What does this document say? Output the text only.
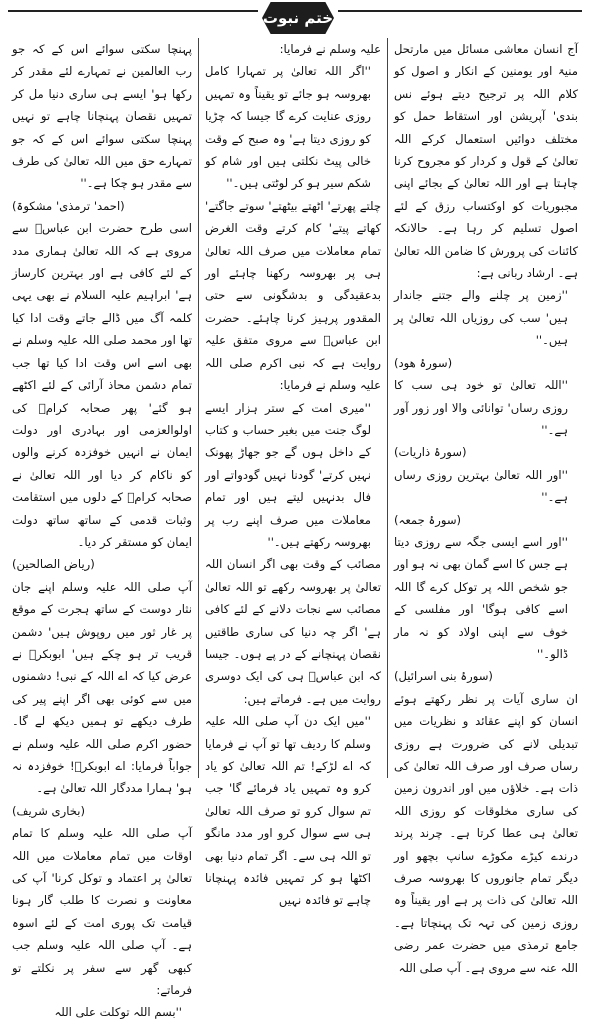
ختم نبوت

آج انسان معاشی مسائل میں مارتحل منیۃ اور یومنین کے انکار و اصول کو کلام اللہ پر ترجیح دیتے ہوئے نس بندی' آپریشن اور استقاط حمل کو مختلف دوائیں استعمال کرکے اللہ تعالیٰ کے قول و کردار کو مجروح کرنا چاہتا ہے اور اللہ تعالیٰ کے بجائے اپنی مجبوریات کو اوکتساب رزق کے لئے اصول تسلیم کر رہا ہے۔ حالانکہ کائنات کی پرورش کا ضامن اللہ تعالیٰ ہے۔ ارشاد ربانی ہے:

''زمین پر چلنے والے جتنے جاندار ہیں' سب کی روزیاں اللہ تعالیٰ پر ہیں۔''
(سورۂ ھود)
''اللہ تعالیٰ تو خود ہی سب کا روزی رساں' توانائی والا اور زور آور ہے۔''
(سورۂ ذاریات)
''اور اللہ تعالیٰ بہترین روزی رساں ہے۔''
(سورۂ جمعہ)
''اور اسے ایسی جگہ سے روزی دیتا ہے جس کا اسے گمان بھی نہ ہو اور جو شخص اللہ پر توکل کرے گا اللہ اسے کافی ہوگا' اور مفلسی کے خوف سے اپنی اولاد کو نہ مار ڈالو۔''
(سورۂ بنی اسرائیل)

ان ساری آیات پر نظر رکھتے ہوئے انسان کو اپنے عقائد و نظریات میں تبدیلی لانے کی ضرورت ہے روزی رساں صرف اور صرف اللہ تعالیٰ کی ذات ہے۔ خلاؤں میں اور اندرون زمین کی ساری مخلوقات کو روزی اللہ تعالیٰ ہی عطا کرتا ہے۔ چرند پرند درندے کیڑے مکوڑے سانپ بچھو اور دیگر تمام جانوروں کا بھروسہ صرف اللہ تعالیٰ کی ذات پر ہے اور یقیناً وہ روزی زمین کی تہہ تک پہنچاتا ہے۔ جامع ترمذی میں حضرت عمر رضی اللہ عنہ سے مروی ہے۔ آپ صلی اللہ

علیہ وسلم نے فرمایا:

''اگر اللہ تعالیٰ پر تمہارا کامل بھروسہ ہو جائے تو یقیناً وہ تمہیں روزی عنایت کرے گا جیسا کہ چڑیا کو روزی دیتا ہے' وہ صبح کے وقت خالی پیٹ نکلتی ہیں اور شام کو شکم سیر ہو کر لوٹتی ہیں۔''

چلتے پھرتے' اٹھتے بیٹھتے' سوتے جاگتے' کھاتے پیتے' کام کرتے وقت الغرض تمام معاملات میں صرف اللہ تعالیٰ ہی پر بھروسہ رکھنا چاہئے اور بدعقیدگی و بدشگونی سے حتی المقدور پرہیز کرنا چاہئے۔ حضرت ابن عباسؓ سے مروی متفق علیہ روایت ہے کہ نبی اکرم صلی اللہ علیہ وسلم نے فرمایا:

''میری امت کے ستر ہزار ایسے لوگ جنت میں بغیر حساب و کتاب کے داخل ہوں گے جو جھاڑ پھونک نہیں کرتے' گودنا نہیں گودواتے اور فال بدنہیں لیتے ہیں اور تمام معاملات میں صرف اپنے رب پر بھروسہ رکھتے ہیں۔''

مصائب کے وقت بھی اگر انسان اللہ تعالیٰ پر بھروسہ رکھے تو اللہ تعالیٰ مصائب سے نجات دلانے کے لئے کافی ہے' اگر چہ دنیا کی ساری طاقتیں نقصان پہنچانے کے در پے ہوں۔ جیسا کہ ابن عباسؓ ہی کی ایک دوسری روایت میں ہے۔ فرماتے ہیں:

''میں ایک دن آپ صلی اللہ علیہ وسلم کا ردیف تھا تو آپ نے فرمایا کہ اے لڑکے! تم اللہ تعالیٰ کو یاد کرو وہ تمہیں یاد فرمائے گا' جب تم سوال کرو تو صرف اللہ تعالیٰ ہی سے سوال کرو اور مدد مانگو تو اللہ ہی سے۔ اگر تمام دنیا بھی اکٹھا ہو کر تمہیں فائدہ پہنچانا چاہے تو فائدہ نہیں

پہنچا سکتی سوائے اس کے کہ جو رب العالمین نے تمہارے لئے مقدر کر رکھا ہو' ایسے ہی ساری دنیا مل کر تمہیں نقصان پہنچانا چاہے تو نہیں پہنچا سکتی سوائے اس کے کہ جو تمہارے حق میں اللہ تعالیٰ کی طرف سے مقدر ہو چکا ہے۔''

(احمد' ترمذی' مشکوۃ)

اسی طرح حضرت ابن عباسؓ سے مروی ہے کہ اللہ تعالیٰ ہماری مدد کے لئے کافی ہے اور بہترین کارساز ہے' ابراہیم علیہ السلام نے بھی یہی کلمہ آگ میں ڈالے جاتے وقت ادا کیا تھا اور محمد صلی اللہ علیہ وسلم نے بھی اسے اس وقت ادا کیا تھا جب تمام دشمن محاذ آرائی کے لئے اکٹھے ہو گئے' پھر صحابہ کرامؓ کی اولوالعزمی اور بہادری اور دولت ایمان نے انہیں خوفزدہ کرنے والوں کو ناکام کر دیا اور اللہ تعالیٰ نے صحابہ کرامؓ کے دلوں میں استقامت وثبات قدمی کے ساتھ ساتھ دولت ایمان کو مستقر کر دیا۔

(ریاض الصالحین)

آپ صلی اللہ علیہ وسلم اپنے جان نثار دوست کے ساتھ ہجرت کے موقع پر غار ثور میں روپوش ہیں' دشمن قریب تر ہو چکے ہیں' ابوبکرؓ نے عرض کیا کہ اے اللہ کے نبی! دشمنوں میں سے کوئی بھی اگر اپنے پیر کی طرف دیکھے تو ہمیں دیکھ لے گا۔ حضور اکرم صلی اللہ علیہ وسلم نے جواباً فرمایا: اے ابوبکرؓ! خوفزدہ نہ ہو' ہمارا مددگار اللہ تعالیٰ ہے۔

(بخاری شریف)

آپ صلی اللہ علیہ وسلم کا تمام اوقات میں تمام معاملات میں اللہ تعالیٰ پر اعتماد و توکل کرنا' آپ کی معاونت و نصرت کا طلب گار ہونا قیامت تک پوری امت کے لئے اسوہ ہے۔ آپ صلی اللہ علیہ وسلم جب کبھی گھر سے سفر پر نکلتے تو فرماتے:

''بسم اللہ توکلت علی اللہ
